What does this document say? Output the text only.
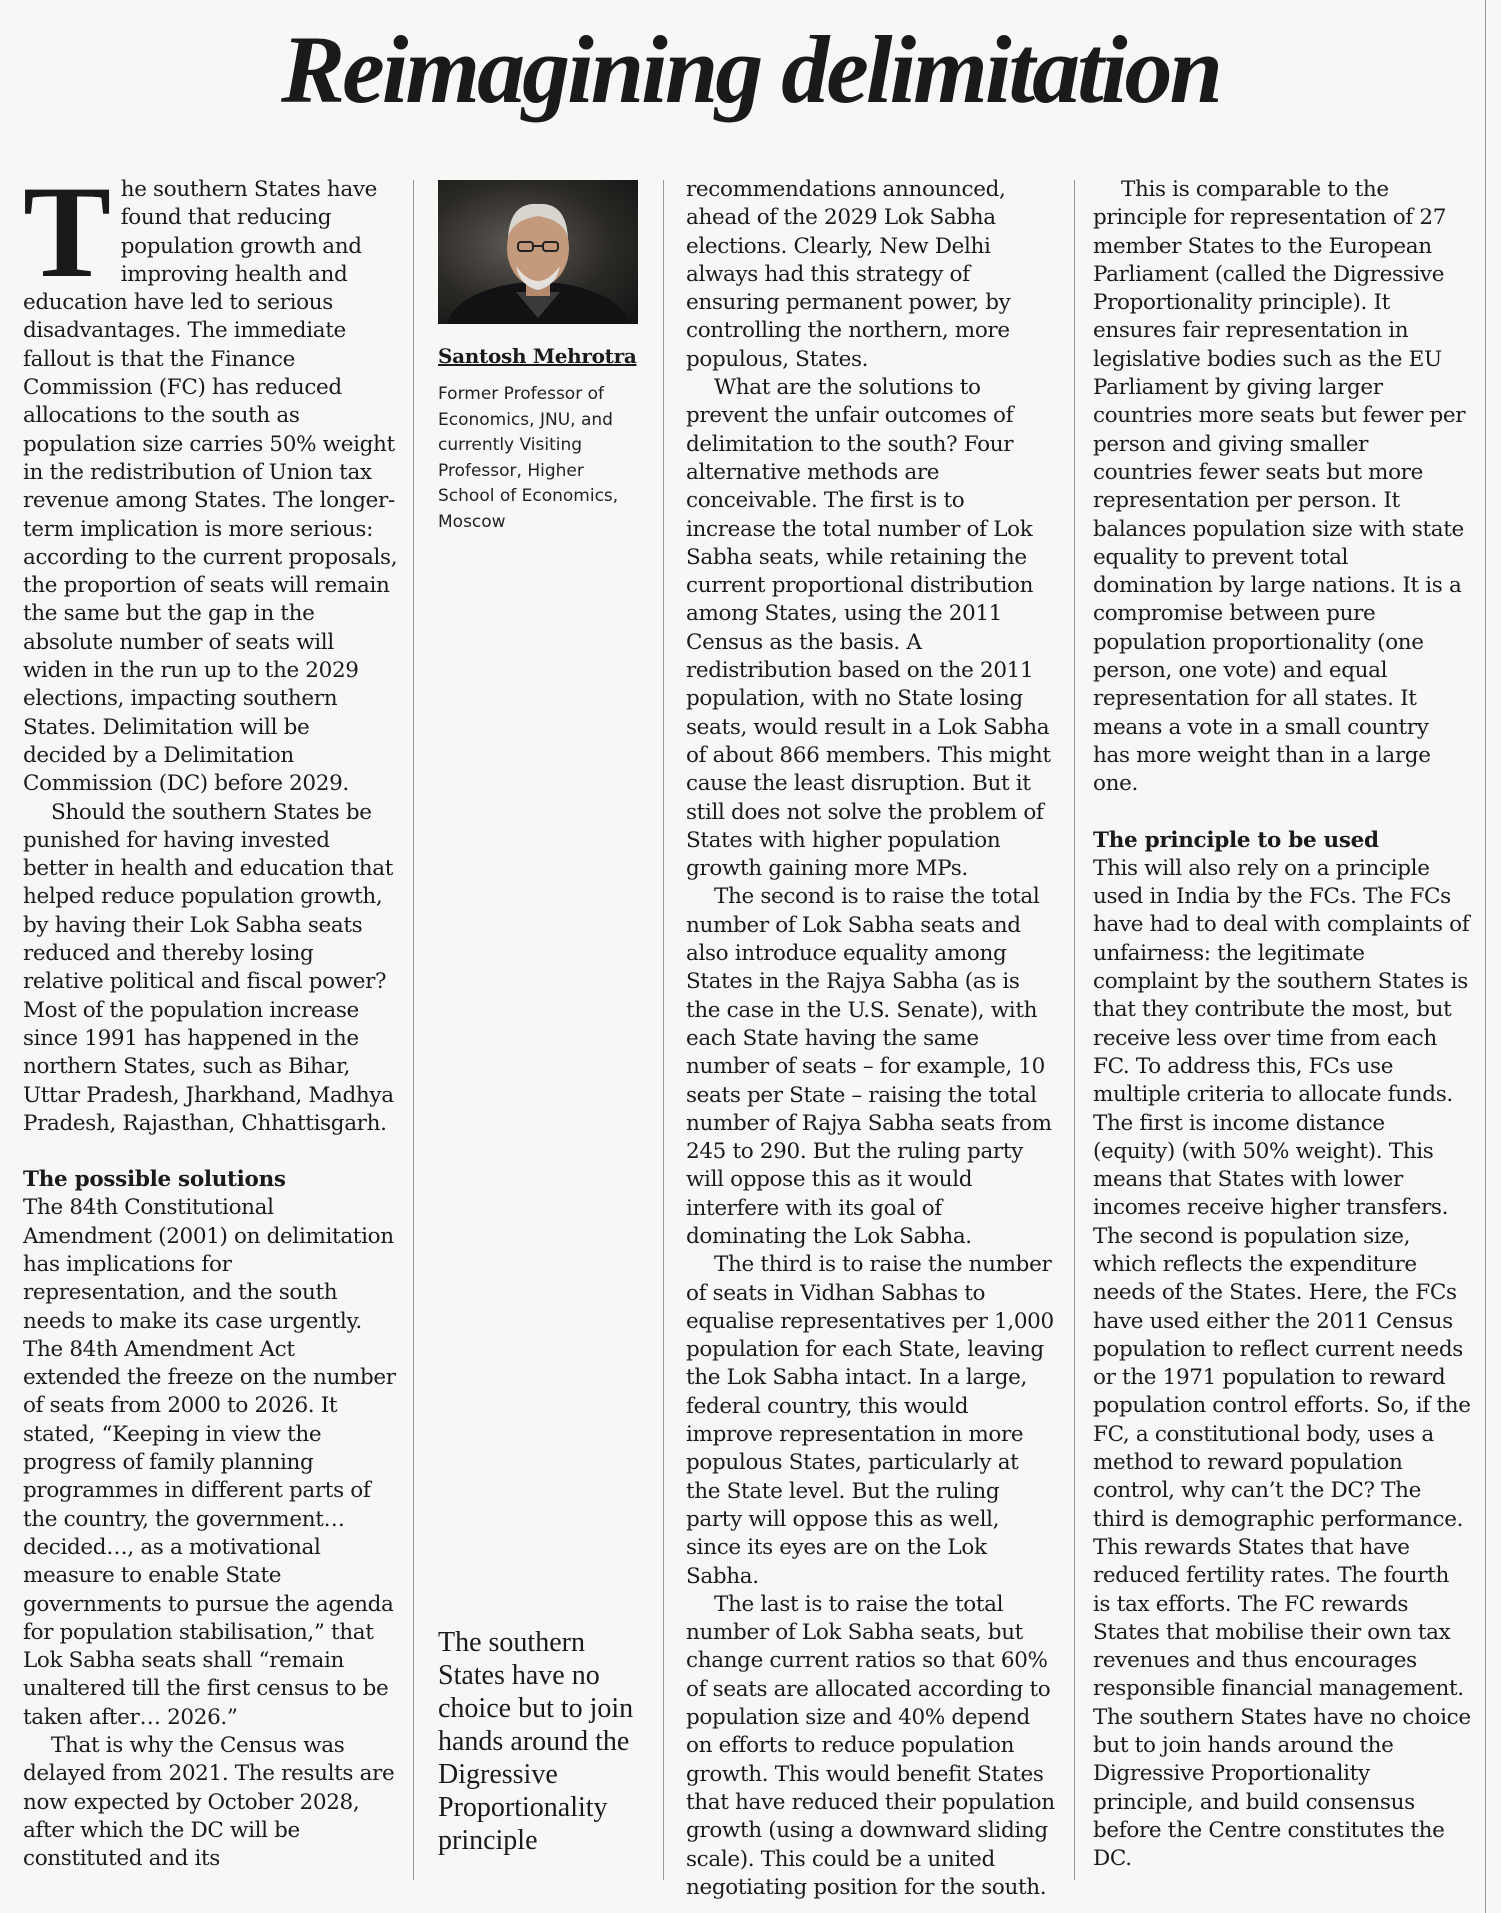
Reimagining delimitation

The southern States have found that reducing population growth and improving health and education have led to serious disadvantages. The immediate fallout is that the Finance Commission (FC) has reduced allocations to the south as population size carries 50% weight in the redistribution of Union tax revenue among States. The longer-term implication is more serious: according to the current proposals, the proportion of seats will remain the same but the gap in the absolute number of seats will widen in the run up to the 2029 elections, impacting southern States. Delimitation will be decided by a Delimitation Commission (DC) before 2029.

Should the southern States be punished for having invested better in health and education that helped reduce population growth, by having their Lok Sabha seats reduced and thereby losing relative political and fiscal power? Most of the population increase since 1991 has happened in the northern States, such as Bihar, Uttar Pradesh, Jharkhand, Madhya Pradesh, Rajasthan, Chhattisgarh.

The possible solutions

The 84th Constitutional Amendment (2001) on delimitation has implications for representation, and the south needs to make its case urgently. The 84th Amendment Act extended the freeze on the number of seats from 2000 to 2026. It stated, “Keeping in view the progress of family planning programmes in different parts of the country, the government… decided…, as a motivational measure to enable State governments to pursue the agenda for population stabilisation,” that Lok Sabha seats shall “remain unaltered till the first census to be taken after… 2026.”

That is why the Census was delayed from 2021. The results are now expected by October 2028, after which the DC will be constituted and its

Santosh Mehrotra
Former Professor of Economics, JNU, and currently Visiting Professor, Higher School of Economics, Moscow
The southern States have no choice but to join hands around the Digressive Proportionality principle

recommendations announced, ahead of the 2029 Lok Sabha elections. Clearly, New Delhi always had this strategy of ensuring permanent power, by controlling the northern, more populous, States.

What are the solutions to prevent the unfair outcomes of delimitation to the south? Four alternative methods are conceivable. The first is to increase the total number of Lok Sabha seats, while retaining the current proportional distribution among States, using the 2011 Census as the basis. A redistribution based on the 2011 population, with no State losing seats, would result in a Lok Sabha of about 866 members. This might cause the least disruption. But it still does not solve the problem of States with higher population growth gaining more MPs.

The second is to raise the total number of Lok Sabha seats and also introduce equality among States in the Rajya Sabha (as is the case in the U.S. Senate), with each State having the same number of seats – for example, 10 seats per State – raising the total number of Rajya Sabha seats from 245 to 290. But the ruling party will oppose this as it would interfere with its goal of dominating the Lok Sabha.

The third is to raise the number of seats in Vidhan Sabhas to equalise representatives per 1,000 population for each State, leaving the Lok Sabha intact. In a large, federal country, this would improve representation in more populous States, particularly at the State level. But the ruling party will oppose this as well, since its eyes are on the Lok Sabha.

The last is to raise the total number of Lok Sabha seats, but change current ratios so that 60% of seats are allocated according to population size and 40% depend on efforts to reduce population growth. This would benefit States that have reduced their population growth (using a downward sliding scale). This could be a united negotiating position for the south.

This is comparable to the principle for representation of 27 member States to the European Parliament (called the Digressive Proportionality principle). It ensures fair representation in legislative bodies such as the EU Parliament by giving larger countries more seats but fewer per person and giving smaller countries fewer seats but more representation per person. It balances population size with state equality to prevent total domination by large nations. It is a compromise between pure population proportionality (one person, one vote) and equal representation for all states. It means a vote in a small country has more weight than in a large one.

The principle to be used

This will also rely on a principle used in India by the FCs. The FCs have had to deal with complaints of unfairness: the legitimate complaint by the southern States is that they contribute the most, but receive less over time from each FC. To address this, FCs use multiple criteria to allocate funds. The first is income distance (equity) (with 50% weight). This means that States with lower incomes receive higher transfers. The second is population size, which reflects the expenditure needs of the States. Here, the FCs have used either the 2011 Census population to reflect current needs or the 1971 population to reward population control efforts. So, if the FC, a constitutional body, uses a method to reward population control, why can’t the DC? The third is demographic performance. This rewards States that have reduced fertility rates. The fourth is tax efforts. The FC rewards States that mobilise their own tax revenues and thus encourages responsible financial management. The southern States have no choice but to join hands around the Digressive Proportionality principle, and build consensus before the Centre constitutes the DC.
